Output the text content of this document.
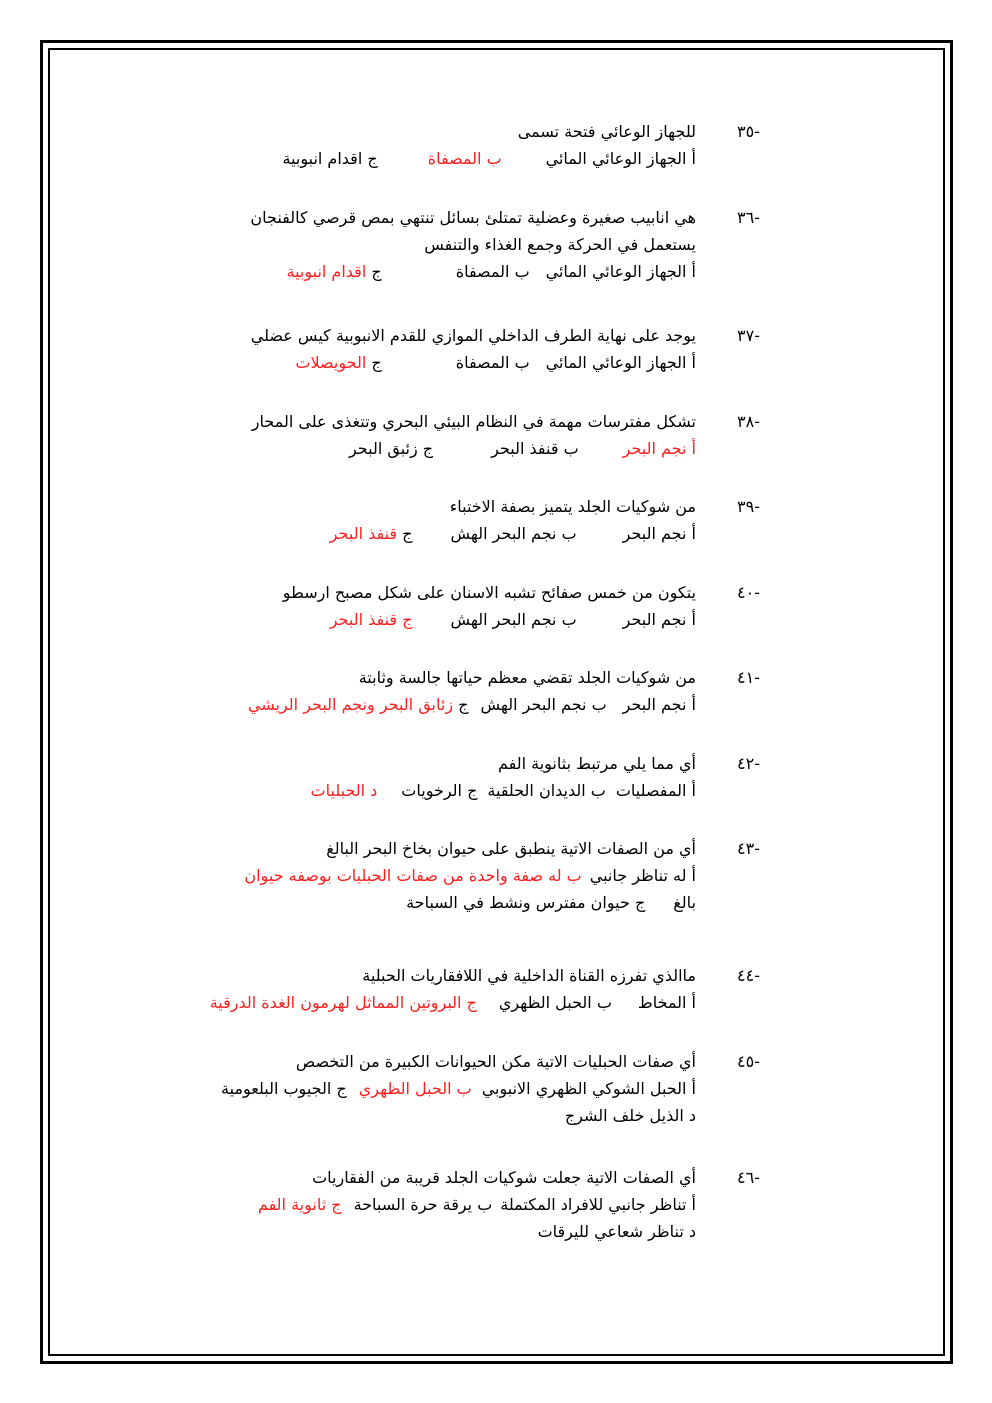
-٣٥
للجهاز الوعائي فتحة تسمى
أ الجهاز الوعائي المائيب المصفاةج اقدام انبوبية
-٣٦
هي انابيب صغيرة وعضلية تمتلئ بسائل تنتهي بمص قرصي كالفنجان
يستعمل في الحركة وجمع الغذاء والتنفس
أ الجهاز الوعائي المائيب المصفاةج اقدام انبوبية
-٣٧
يوجد على نهاية الطرف الداخلي الموازي للقدم الانبوبية كيس عضلي
أ الجهاز الوعائي المائيب المصفاةج الحويصلات
-٣٨
تشكل مفترسات مهمة في النظام البيئي البحري وتتغذى على المحار
أ نجم البحرب قنفذ البحرج زئبق البحر
-٣٩
من شوكيات الجلد يتميز بصفة الاختباء
أ نجم البحرب نجم البحر الهشج قنفذ البحر
-٤٠
يتكون من خمس صفائح تشبه الاسنان على شكل مصبح ارسطو
أ نجم البحرب نجم البحر الهشج قنفذ البحر
-٤١
من شوكيات الجلد تقضي معظم حياتها جالسة وثابتة
أ نجم البحرب نجم البحر الهشج زئابق البحر ونجم البحر الريشي
-٤٢
أي مما يلي مرتبط بثانوية الفم
أ المفصلياتب الديدان الحلقيةج الرخوياتد الحبليات
-٤٣
أي من الصفات الاتية ينطبق على حيوان بخاخ البحر البالغ
أ له تناظر جانبيب له صفة واحدة من صفات الحبليات بوصفه حيوان
بالغج حيوان مفترس ونشط في السباحة
-٤٤
ماالذي تفرزه القناة الداخلية في اللافقاريات الحبلية
أ المخاطب الحبل الظهريج البروتين المماثل لهرمون الغدة الدرقية
-٤٥
أي صفات الحبليات الاتية مكن الحيوانات الكبيرة من التخصص
أ الحبل الشوكي الظهري الانبوبيب الحبل الظهريج الجيوب البلعومية
د الذيل خلف الشرج
-٤٦
أي الصفات الاتية جعلت شوكيات الجلد قريبة من الفقاريات
أ تناظر جانبي للافراد المكتملةب يرقة حرة السباحةج ثانوية الفم
د تناظر شعاعي لليرقات
